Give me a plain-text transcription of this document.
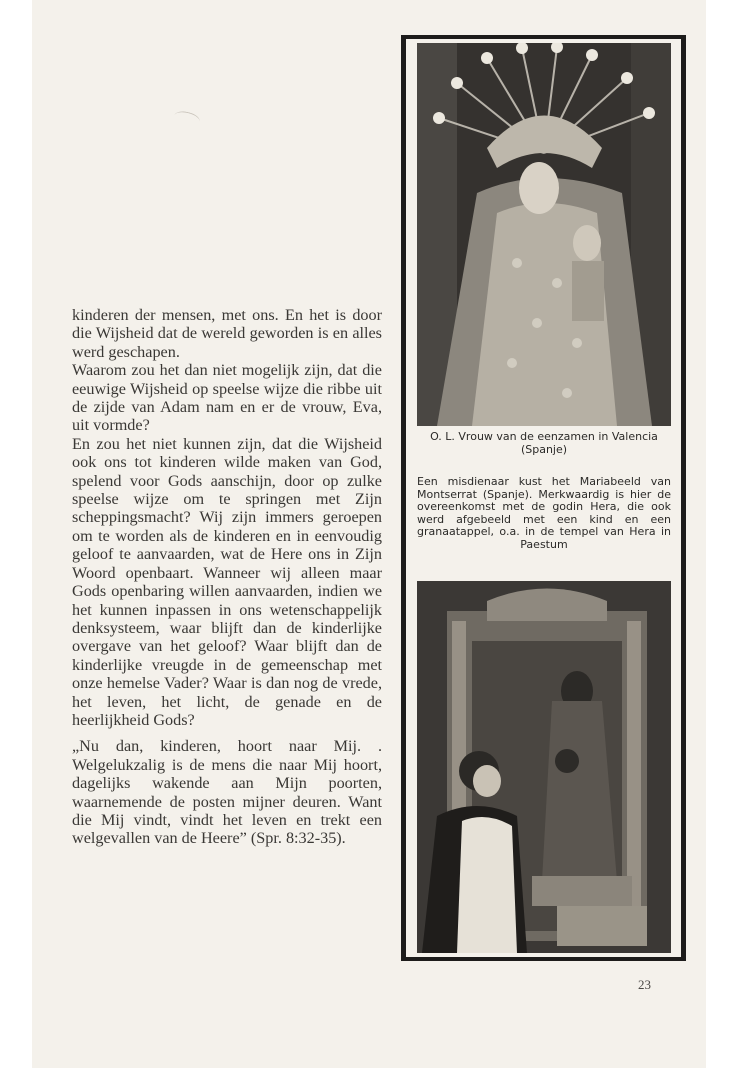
kinderen der mensen, met ons. En het is door die Wijsheid dat de wereld geworden is en alles werd geschapen.

Waarom zou het dan niet mogelijk zijn, dat die eeuwige Wijsheid op speelse wijze die ribbe uit de zijde van Adam nam en er de vrouw, Eva, uit vormde?

En zou het niet kunnen zijn, dat die Wijsheid ook ons tot kinderen wilde maken van God, spelend voor Gods aanschijn, door op zulke speelse wijze om te springen met Zijn scheppingsmacht? Wij zijn immers geroepen om te worden als de kinderen en in eenvoudig geloof te aanvaarden, wat de Here ons in Zijn Woord openbaart. Wanneer wij alleen maar Gods openbaring willen aanvaarden, indien we het kunnen inpassen in ons wetenschappelijk denksysteem, waar blijft dan de kinderlijke overgave van het geloof? Waar blijft dan de kinderlijke vreugde in de gemeenschap met onze hemelse Vader? Waar is dan nog de vrede, het leven, het licht, de genade en de heerlijkheid Gods?

„Nu dan, kinderen, hoort naar Mij. . Welgelukzalig is de mens die naar Mij hoort, dagelijks wakende aan Mijn poorten, waarnemende de posten mijner deuren. Want die Mij vindt, vindt het leven en trekt een welgevallen van de Heere” (Spr. 8:32-35).

O. L. Vrouw van de eenzamen in Valencia (Spanje)

Een misdienaar kust het Mariabeeld van Montserrat (Spanje). Merkwaardig is hier de overeenkomst met de godin Hera, die ook werd afgebeeld met een kind en een granaatappel, o.a. in de tempel van Hera in Paestum

23
